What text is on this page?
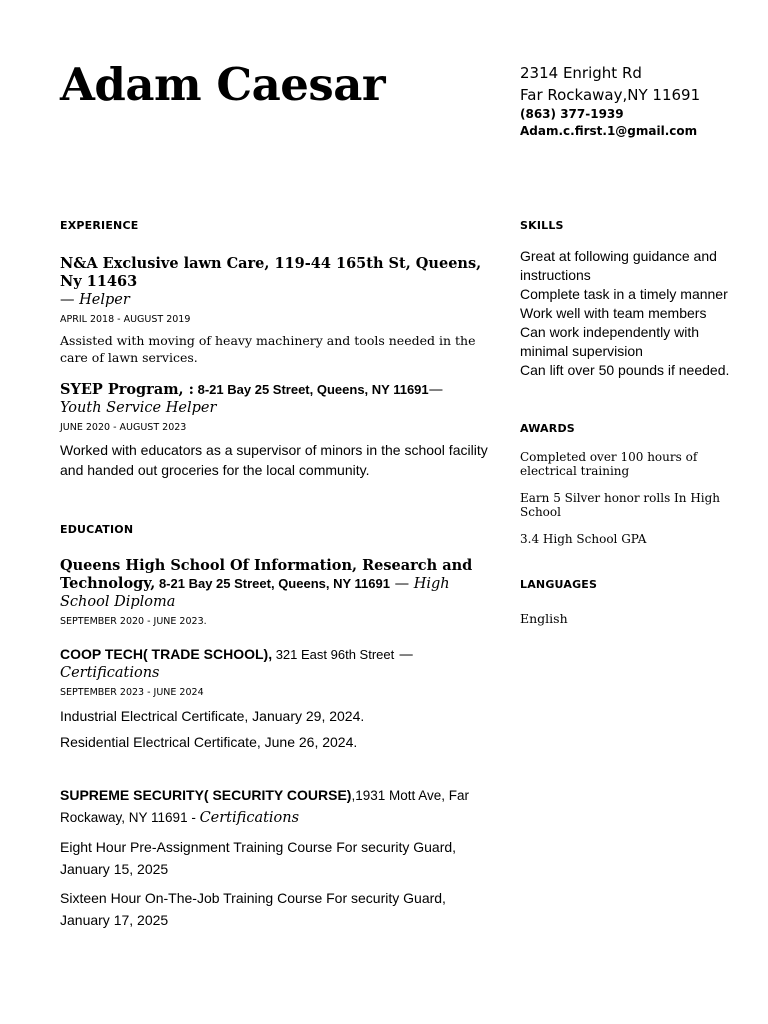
Adam Caesar	2314 Enright Rd
Far Rockaway,NY 11691
(863) 377-1939
Adam.c.first.1@gmail.com
EXPERIENCE
N&A Exclusive lawn Care, 119-44 165th St, Queens, Ny 11463
— Helper
APRIL 2018 - AUGUST 2019
Assisted with moving of heavy machinery and tools needed in the care of lawn services.
SYEP Program, : 8-21 Bay 25 Street, Queens, NY 11691— Youth Service Helper
JUNE 2020 - AUGUST 2023
Worked with educators as a supervisor of minors in the school facility and handed out groceries for the local community.
EDUCATION
Queens High School Of Information, Research and Technology, 8-21 Bay 25 Street, Queens, NY 11691 — High School Diploma
SEPTEMBER 2020 - JUNE 2023.
COOP TECH( TRADE SCHOOL), 321 East 96th Street —
Certifications
SEPTEMBER 2023 - JUNE 2024
Industrial Electrical Certificate, January 29, 2024.
Residential Electrical Certificate, June 26, 2024.
SUPREME SECURITY( SECURITY COURSE),1931 Mott Ave, Far Rockaway, NY 11691 - Certifications
Eight Hour Pre-Assignment Training Course For security Guard, January 15, 2025
Sixteen Hour On-The-Job Training Course For security Guard, January 17, 2025
SKILLS
Great at following guidance and instructions
Complete task in a timely manner
Work well with team members
Can work independently with minimal supervision
Can lift over 50 pounds if needed.
AWARDS
Completed over 100 hours of electrical training
Earn 5 Silver honor rolls In High School
3.4 High School GPA
LANGUAGES
English
